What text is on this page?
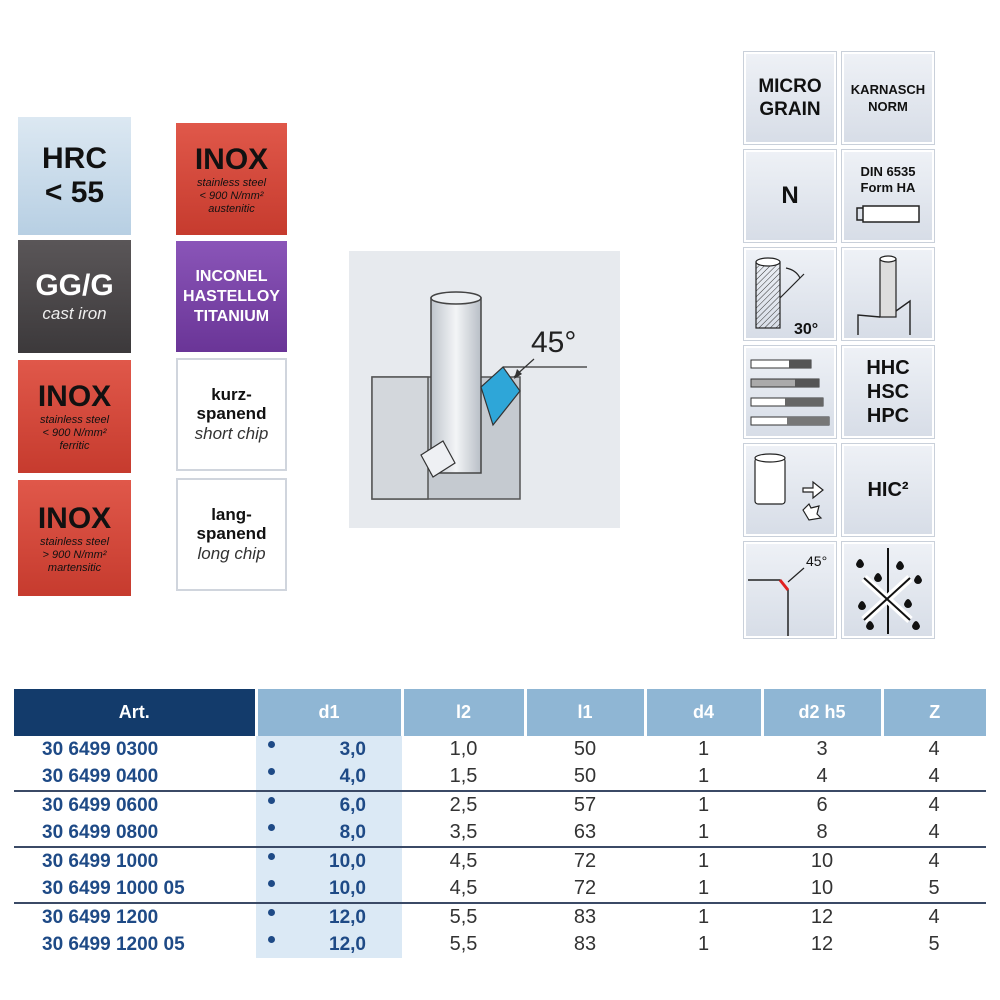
HRC
< 55
GG/G
cast iron
INOX
stainless steel
< 900 N/mm²
ferritic
INOX
stainless steel
> 900 N/mm²
martensitic
INOX
stainless steel
< 900 N/mm²
austenitic
INCONEL
HASTELLOY
TITANIUM
kurz-
spanend
short chip
lang-
spanend
long chip
45°
MICRO
GRAIN
KARNASCH
NORM
N
DIN 6535
Form HA
30°
HHC
HSC
HPC
HIC²
45°
Art.	d1	l2	l1	d4	d2 h5	Z
30 6499 0300	3,0	1,0	50	1	3	4
30 6499 0400	4,0	1,5	50	1	4	4
30 6499 0600	6,0	2,5	57	1	6	4
30 6499 0800	8,0	3,5	63	1	8	4
30 6499 1000	10,0	4,5	72	1	10	4
30 6499 1000 05	10,0	4,5	72	1	10	5
30 6499 1200	12,0	5,5	83	1	12	4
30 6499 1200 05	12,0	5,5	83	1	12	5
